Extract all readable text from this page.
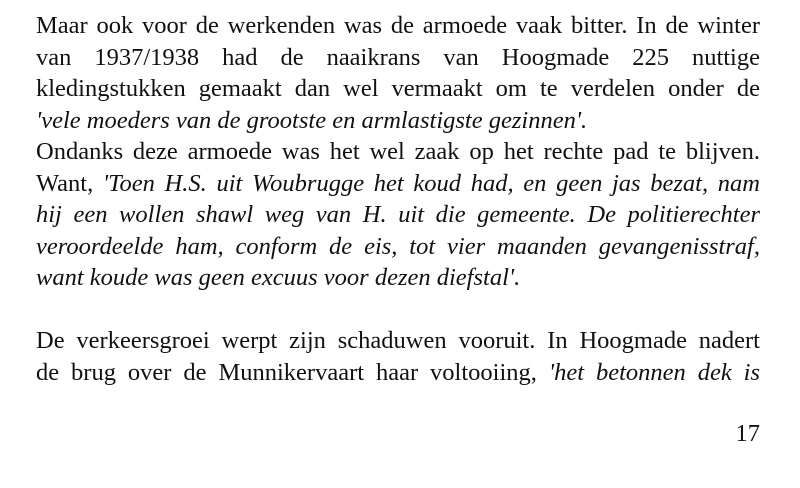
Maar ook voor de werkenden was de armoede vaak bitter. In de winter
van 1937/1938 had de naaikrans van Hoogmade 225 nuttige
kledingstukken gemaakt dan wel vermaakt om te verdelen onder de
'vele moeders van de grootste en armlastigste gezinnen'.
Ondanks deze armoede was het wel zaak op het rechte pad te blijven.
Want, 'Toen H.S. uit Woubrugge het koud had, en geen jas bezat, nam
hij een wollen shawl weg van H. uit die gemeente. De politierechter
veroordeelde ham, conform de eis, tot vier maanden gevangenisstraf,
want koude was geen excuus voor dezen diefstal'.
De verkeersgroei werpt zijn schaduwen vooruit. In Hoogmade nadert
de brug over de Munnikervaart haar voltooiing, 'het betonnen dek is
17
